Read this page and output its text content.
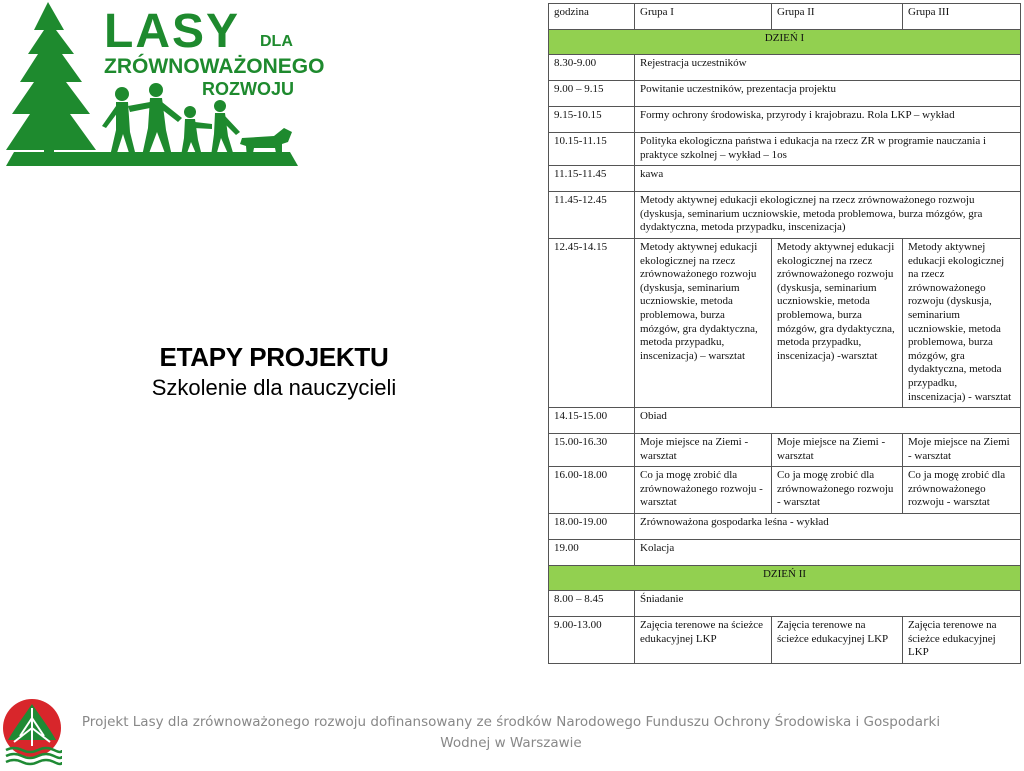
LASY DLA
ZRÓWNOWAŻONEGO
ROZWOJU
ETAPY PROJEKTU
Szkolenie dla nauczycieli
godzina	Grupa I	Grupa II	Grupa III
DZIEŃ I			
8.30-9.00	Rejestracja uczestników		
9.00 – 9.15	Powitanie uczestników, prezentacja projektu		
9.15-10.15	Formy ochrony środowiska, przyrody i krajobrazu. Rola LKP – wykład		
10.15-11.15	Polityka ekologiczna państwa i edukacja na rzecz ZR w programie nauczania i praktyce szkolnej – wykład – 1os		
11.15-11.45	kawa		
11.45-12.45	Metody aktywnej edukacji ekologicznej na rzecz zrównoważonego rozwoju (dyskusja, seminarium uczniowskie, metoda problemowa, burza mózgów, gra dydaktyczna, metoda przypadku, inscenizacja)		
12.45-14.15	Metody aktywnej edukacji ekologicznej na rzecz zrównoważonego rozwoju (dyskusja, seminarium uczniowskie, metoda problemowa, burza mózgów, gra dydaktyczna, metoda przypadku, inscenizacja) – warsztat	Metody aktywnej edukacji ekologicznej na rzecz zrównoważonego rozwoju (dyskusja, seminarium uczniowskie, metoda problemowa, burza mózgów, gra dydaktyczna, metoda przypadku, inscenizacja) -warsztat	Metody aktywnej edukacji ekologicznej na rzecz zrównoważonego rozwoju (dyskusja, seminarium uczniowskie, metoda problemowa, burza mózgów, gra dydaktyczna, metoda przypadku, inscenizacja) - warsztat
14.15-15.00	Obiad		
15.00-16.30	Moje miejsce na Ziemi - warsztat	Moje miejsce na Ziemi - warsztat	Moje miejsce na Ziemi - warsztat
16.00-18.00	Co ja mogę zrobić dla zrównoważonego rozwoju - warsztat	Co ja mogę zrobić dla zrównoważonego rozwoju - warsztat	Co ja mogę zrobić dla zrównoważonego rozwoju - warsztat
18.00-19.00	Zrównoważona gospodarka leśna - wykład		
19.00	Kolacja		
DZIEŃ II			
8.00 – 8.45	Śniadanie		
9.00-13.00	Zajęcia terenowe na ścieżce edukacyjnej LKP	Zajęcia terenowe na ścieżce edukacyjnej LKP	Zajęcia terenowe na ścieżce edukacyjnej LKP
Projekt Lasy dla zrównoważonego rozwoju dofinansowany ze środków Narodowego Funduszu Ochrony Środowiska i Gospodarki Wodnej w Warszawie
